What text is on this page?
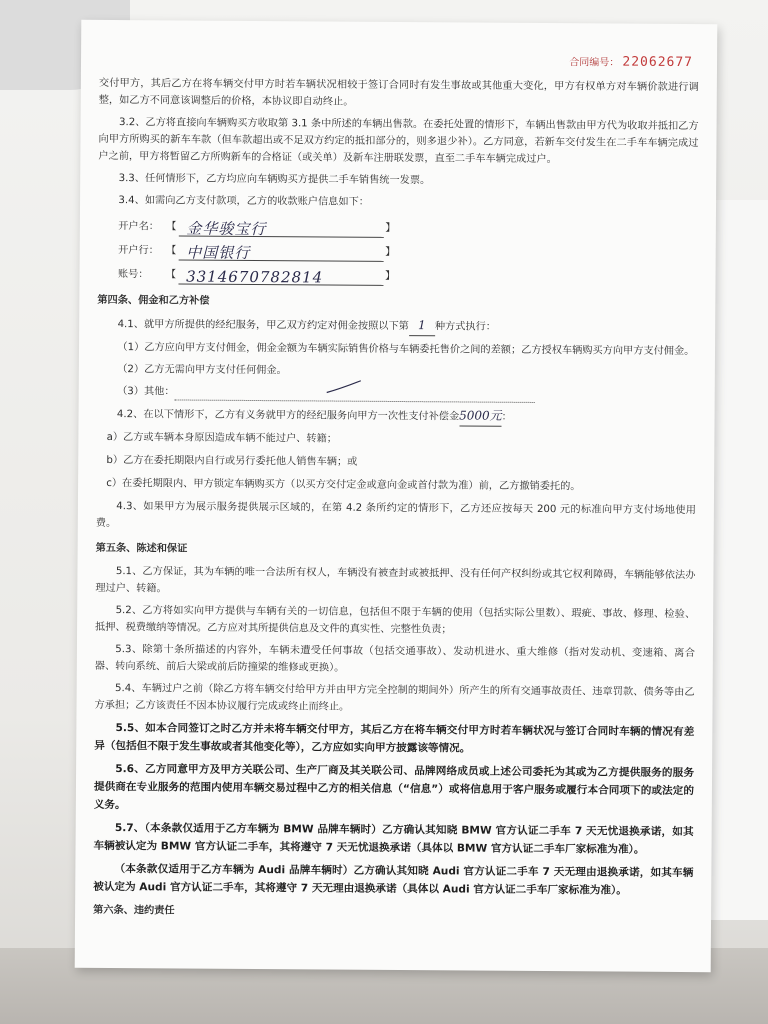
合同编号： 22062677

交付甲方，其后乙方在将车辆交付甲方时若车辆状况相较于签订合同时有发生事故或其他重大变化，甲方有权单方对车辆价款进行调整，如乙方不同意该调整后的价格，本协议即自动终止。

3.2、乙方将直接向车辆购买方收取第 3.1 条中所述的车辆出售款。在委托处置的情形下，车辆出售款由甲方代为收取并抵扣乙方向甲方所购买的新车车款（但车款超出或不足双方约定的抵扣部分的，则多退少补）。乙方同意，若新车交付发生在二手车车辆完成过户之前，甲方将暂留乙方所购新车的合格证（或关单）及新车注册联发票，直至二手车车辆完成过户。

3.3、任何情形下，乙方均应向车辆购买方提供二手车销售统一发票。

3.4、如需向乙方支付款项，乙方的收款账户信息如下：

开户名： 【 金华骏宝行	】
开户行： 【 中国银行	】
账号：	【 3314670782814	】
第四条、佣金和乙方补偿

4.1、就甲方所提供的经纪服务，甲乙双方约定对佣金按照以下第 1 种方式执行：

（1）乙方应向甲方支付佣金，佣金金额为车辆实际销售价格与车辆委托售价之间的差额；乙方授权车辆购买方向甲方支付佣金。

（2）乙方无需向甲方支付任何佣金。

（3）其他：

4.2、在以下情形下，乙方有义务就甲方的经纪服务向甲方一次性支付补偿金5000元：

a）乙方或车辆本身原因造成车辆不能过户、转籍；

b）乙方在委托期限内自行或另行委托他人销售车辆；或

c）在委托期限内、甲方锁定车辆购买方（以买方交付定金或意向金或首付款为准）前，乙方撤销委托的。

4.3、如果甲方为展示服务提供展示区域的，在第 4.2 条所约定的情形下，乙方还应按每天 200 元的标准向甲方支付场地使用费。

第五条、陈述和保证

5.1、乙方保证，其为车辆的唯一合法所有权人，车辆没有被查封或被抵押、没有任何产权纠纷或其它权利障碍，车辆能够依法办理过户、转籍。

5.2、乙方将如实向甲方提供与车辆有关的一切信息，包括但不限于车辆的使用（包括实际公里数）、瑕疵、事故、修理、检验、抵押、税费缴纳等情况。乙方应对其所提供信息及文件的真实性、完整性负责；

5.3、除第十条所描述的内容外，车辆未遭受任何事故（包括交通事故）、发动机进水、重大维修（指对发动机、变速箱、离合器、转向系统、前后大梁或前后防撞梁的维修或更换）。

5.4、车辆过户之前（除乙方将车辆交付给甲方并由甲方完全控制的期间外）所产生的所有交通事故责任、违章罚款、债务等由乙方承担；乙方该责任不因本协议履行完成或终止而终止。

5.5、如本合同签订之时乙方并未将车辆交付甲方，其后乙方在将车辆交付甲方时若车辆状况与签订合同时车辆的情况有差异（包括但不限于发生事故或者其他变化等），乙方应如实向甲方披露该等情况。

5.6、乙方同意甲方及甲方关联公司、生产厂商及其关联公司、品牌网络成员或上述公司委托为其或为乙方提供服务的服务提供商在专业服务的范围内使用车辆交易过程中乙方的相关信息（“信息”）或将信息用于客户服务或履行本合同项下的或法定的义务。

5.7、（本条款仅适用于乙方车辆为 BMW 品牌车辆时）乙方确认其知晓 BMW 官方认证二手车 7 天无忧退换承诺，如其车辆被认定为 BMW 官方认证二手车，其将遵守 7 天无忧退换承诺（具体以 BMW 官方认证二手车厂家标准为准）。

（本条款仅适用于乙方车辆为 Audi 品牌车辆时）乙方确认其知晓 Audi 官方认证二手车 7 天无理由退换承诺，如其车辆被认定为 Audi 官方认证二手车，其将遵守 7 天无理由退换承诺（具体以 Audi 官方认证二手车厂家标准为准）。

第六条、违约责任
